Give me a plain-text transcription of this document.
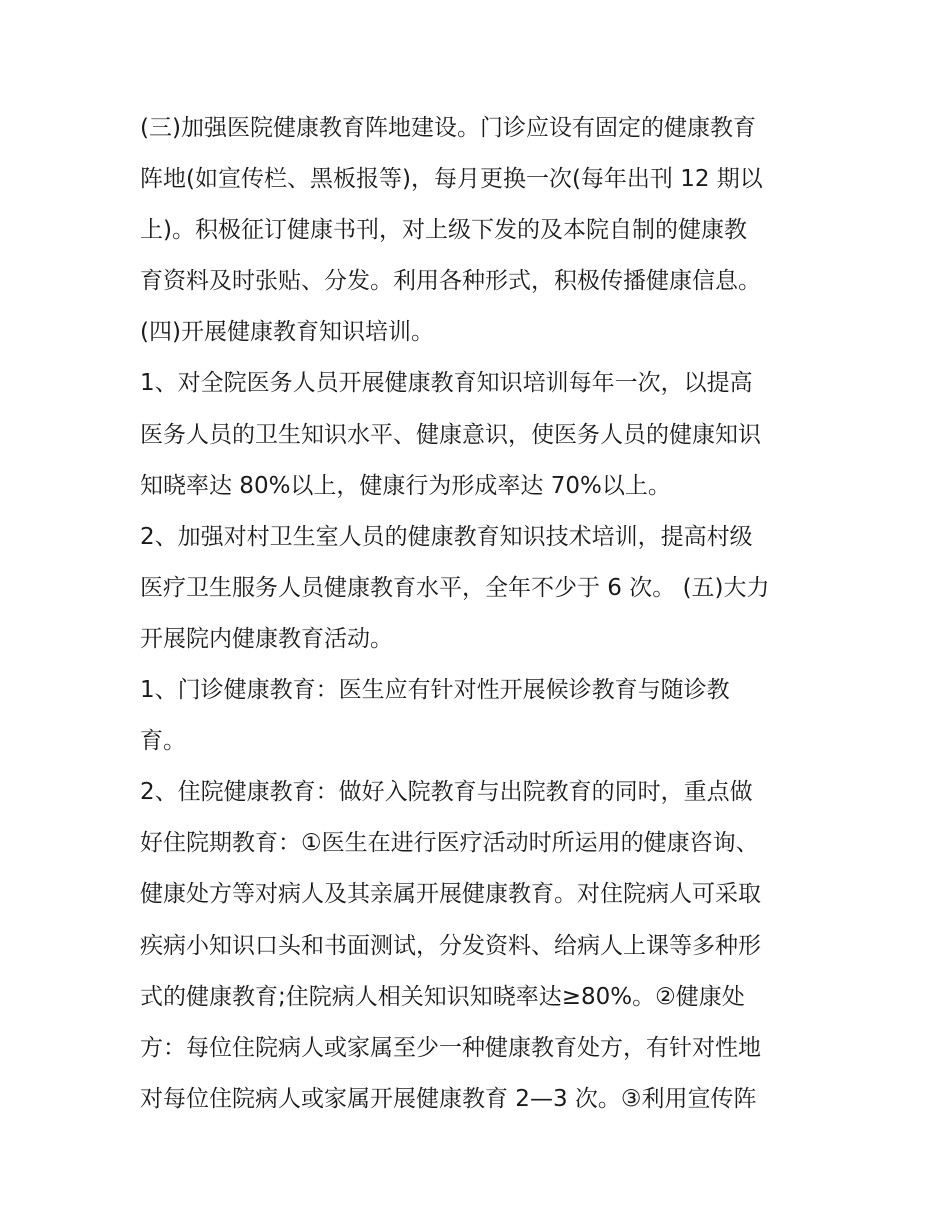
(三)加强医院健康教育阵地建设。门诊应设有固定的健康教育
阵地(如宣传栏、黑板报等)，每月更换一次(每年出刊 12 期以
上)。积极征订健康书刊，对上级下发的及本院自制的健康教
育资料及时张贴、分发。利用各种形式，积极传播健康信息。
(四)开展健康教育知识培训。
1、对全院医务人员开展健康教育知识培训每年一次，以提高
医务人员的卫生知识水平、健康意识，使医务人员的健康知识
知晓率达 80%以上，健康行为形成率达 70%以上。
2、加强对村卫生室人员的健康教育知识技术培训，提高村级
医疗卫生服务人员健康教育水平，全年不少于 6 次。 (五)大力
开展院内健康教育活动。
1、门诊健康教育：医生应有针对性开展候诊教育与随诊教
育。
2、住院健康教育：做好入院教育与出院教育的同时，重点做
好住院期教育：①医生在进行医疗活动时所运用的健康咨询、
健康处方等对病人及其亲属开展健康教育。对住院病人可采取
疾病小知识口头和书面测试，分发资料、给病人上课等多种形
式的健康教育;住院病人相关知识知晓率达≥80%。②健康处
方：每位住院病人或家属至少一种健康教育处方，有针对性地
对每位住院病人或家属开展健康教育 2—3 次。③利用宣传阵
